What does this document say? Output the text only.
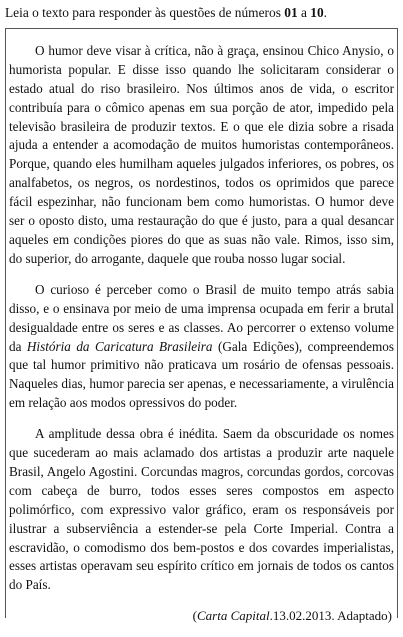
Leia o texto para responder às questões de números 01 a 10.

O humor deve visar à crítica, não à graça, ensinou Chico Anysio, o humorista popular. E disse isso quando lhe solicitaram considerar o estado atual do riso brasileiro. Nos últimos anos de vida, o escritor contribuía para o cômico apenas em sua porção de ator, impedido pela televisão brasileira de produzir textos. E o que ele dizia sobre a risada ajuda a entender a acomodação de muitos humoristas contemporâneos. Porque, quando eles humilham aqueles julgados inferiores, os pobres, os analfabetos, os negros, os nordestinos, todos os oprimidos que parece fácil espezinhar, não funcionam bem como humoristas. O humor deve ser o oposto disto, uma restauração do que é justo, para a qual desancar aqueles em condições piores do que as suas não vale. Rimos, isso sim, do superior, do arrogante, daquele que rouba nosso lugar social.

O curioso é perceber como o Brasil de muito tempo atrás sabia disso, e o ensinava por meio de uma imprensa ocupada em ferir a brutal desigualdade entre os seres e as classes. Ao percorrer o extenso volume da História da Caricatura Brasileira (Gala Edições), compreendemos que tal humor primitivo não praticava um rosário de ofensas pessoais. Naqueles dias, humor parecia ser apenas, e necessariamente, a virulência em relação aos modos opressivos do poder.

A amplitude dessa obra é inédita. Saem da obscuridade os nomes que sucederam ao mais aclamado dos artistas a produzir arte naquele Brasil, Angelo Agostini. Corcundas magros, corcundas gordos, corcovas com cabeça de burro, todos esses seres compostos em aspecto polimórfico, com expressivo valor gráfico, eram os responsáveis por ilustrar a subserviência a estender-se pela Corte Imperial. Contra a escravidão, o comodismo dos bem-postos e dos covardes imperialistas, esses artistas operavam seu espírito crítico em jornais de todos os cantos do País.

(Carta Capital.13.02.2013. Adaptado)
